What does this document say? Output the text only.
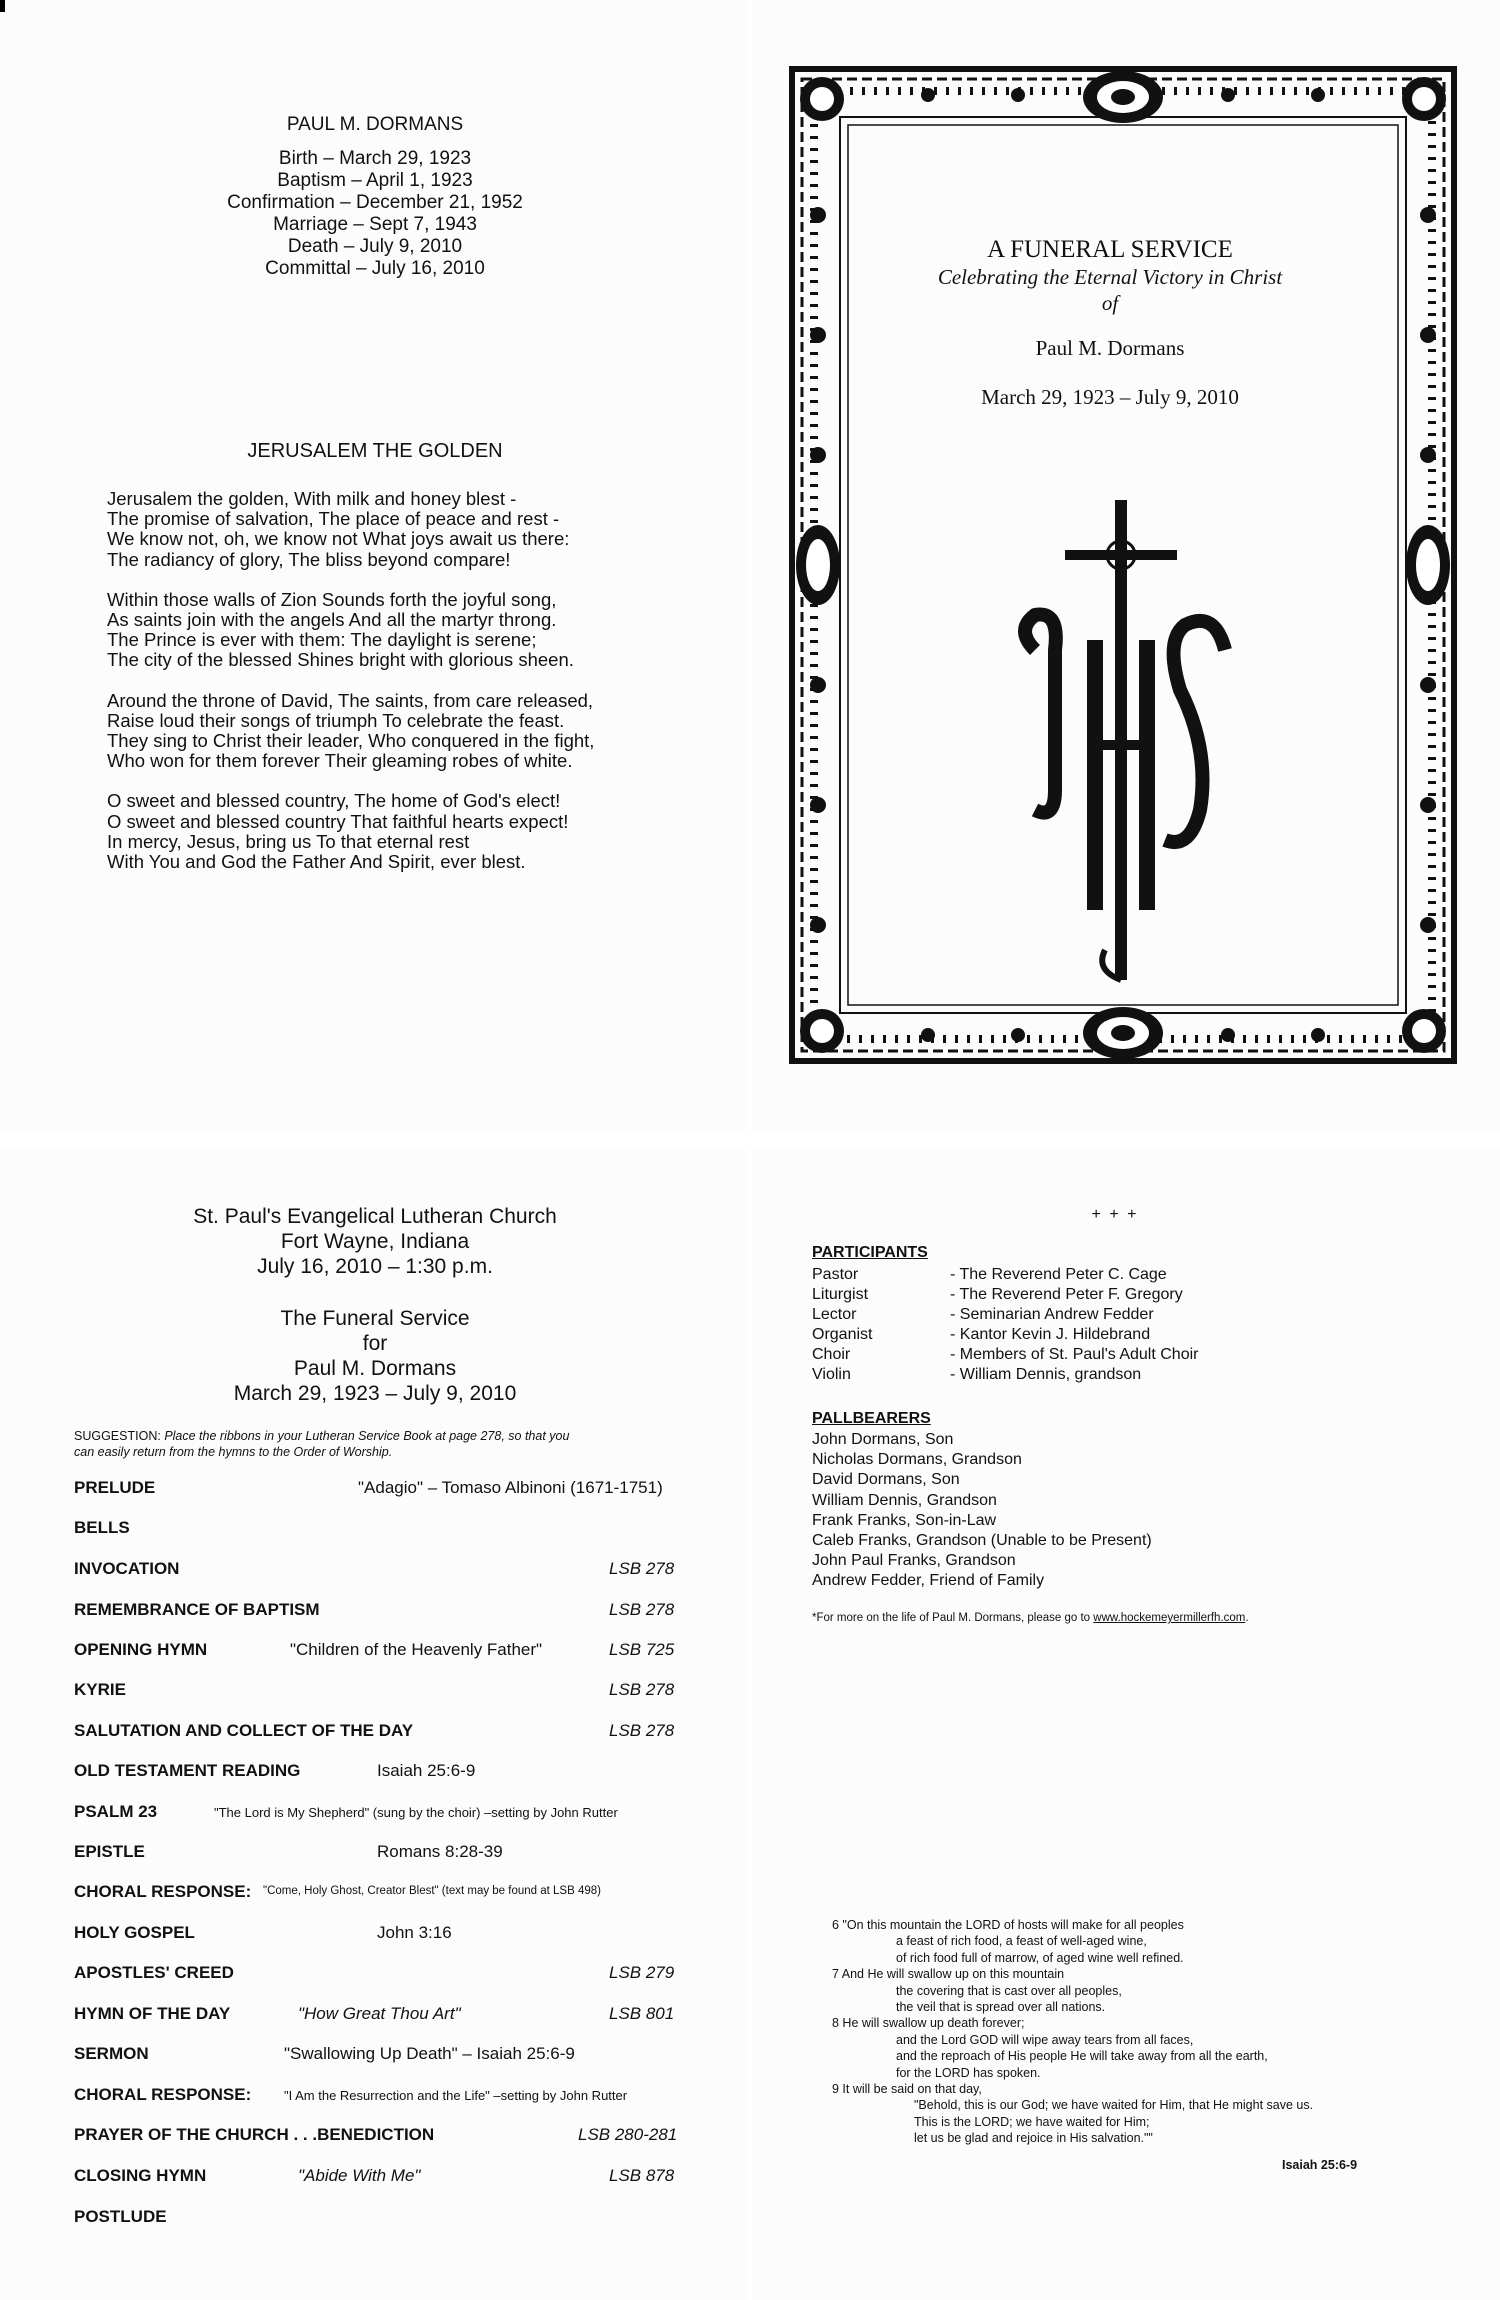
PAUL M. DORMANS
Birth – March 29, 1923
Baptism – April 1, 1923
Confirmation – December 21, 1952
Marriage – Sept 7, 1943
Death – July 9, 2010
Committal – July 16, 2010
JERUSALEM THE GOLDEN
Jerusalem the golden, With milk and honey blest -
The promise of salvation, The place of peace and rest -
We know not, oh, we know not What joys await us there:
The radiancy of glory, The bliss beyond compare!
Within those walls of Zion Sounds forth the joyful song,
As saints join with the angels And all the martyr throng.
The Prince is ever with them: The daylight is serene;
The city of the blessed Shines bright with glorious sheen.
Around the throne of David, The saints, from care released,
Raise loud their songs of triumph To celebrate the feast.
They sing to Christ their leader, Who conquered in the fight,
Who won for them forever Their gleaming robes of white.
O sweet and blessed country, The home of God's elect!
O sweet and blessed country That faithful hearts expect!
In mercy, Jesus, bring us To that eternal rest
With You and God the Father And Spirit, ever blest.
A FUNERAL SERVICE
Celebrating the Eternal Victory in Christ
of
Paul M. Dormans
March 29, 1923 – July 9, 2010
St. Paul's Evangelical Lutheran Church
Fort Wayne, Indiana
July 16, 2010 – 1:30 p.m.
The Funeral Service
for
Paul M. Dormans
March 29, 1923 – July 9, 2010
SUGGESTION: Place the ribbons in your Lutheran Service Book at page 278, so that you
can easily return from the hymns to the Order of Worship.
PRELUDE	"Adagio" – Tomaso Albinoni (1671-1751)
BELLS
INVOCATION	LSB 278
REMEMBRANCE OF BAPTISM	LSB 278
OPENING HYMN	"Children of the Heavenly Father"	LSB 725
KYRIE	LSB 278
SALUTATION AND COLLECT OF THE DAY	LSB 278
OLD TESTAMENT READING	Isaiah 25:6-9
PSALM 23	"The Lord is My Shepherd" (sung by the choir) –setting by John Rutter
EPISTLE	Romans 8:28-39
CHORAL RESPONSE: "Come, Holy Ghost, Creator Blest" (text may be found at LSB 498)
HOLY GOSPEL	John 3:16
APOSTLES' CREED	LSB 279
HYMN OF THE DAY	"How Great Thou Art"	LSB 801
SERMON	"Swallowing Up Death" – Isaiah 25:6-9
CHORAL RESPONSE:	"I Am the Resurrection and the Life" –setting by John Rutter
PRAYER OF THE CHURCH . . .BENEDICTION	LSB 280-281
CLOSING HYMN	"Abide With Me"	LSB 878
POSTLUDE
+ + +
PARTICIPANTS
Pastor	- The Reverend Peter C. Cage
Liturgist	- The Reverend Peter F. Gregory
Lector	- Seminarian Andrew Fedder
Organist	- Kantor Kevin J. Hildebrand
Choir	- Members of St. Paul's Adult Choir
Violin	- William Dennis, grandson
PALLBEARERS
John Dormans, Son
Nicholas Dormans, Grandson
David Dormans, Son
William Dennis, Grandson
Frank Franks, Son-in-Law
Caleb Franks, Grandson (Unable to be Present)
John Paul Franks, Grandson
Andrew Fedder, Friend of Family
*For more on the life of Paul M. Dormans, please go to www.hockemeyermillerfh.com.
6 "On this mountain the LORD of hosts will make for all peoples
a feast of rich food, a feast of well-aged wine,
of rich food full of marrow, of aged wine well refined.
7 And He will swallow up on this mountain
the covering that is cast over all peoples,
the veil that is spread over all nations.
8 He will swallow up death forever;
and the Lord GOD will wipe away tears from all faces,
and the reproach of His people He will take away from all the earth,
for the LORD has spoken.
9 It will be said on that day,
"Behold, this is our God; we have waited for Him, that He might save us.
This is the LORD; we have waited for Him;
let us be glad and rejoice in His salvation.""
Isaiah 25:6-9
